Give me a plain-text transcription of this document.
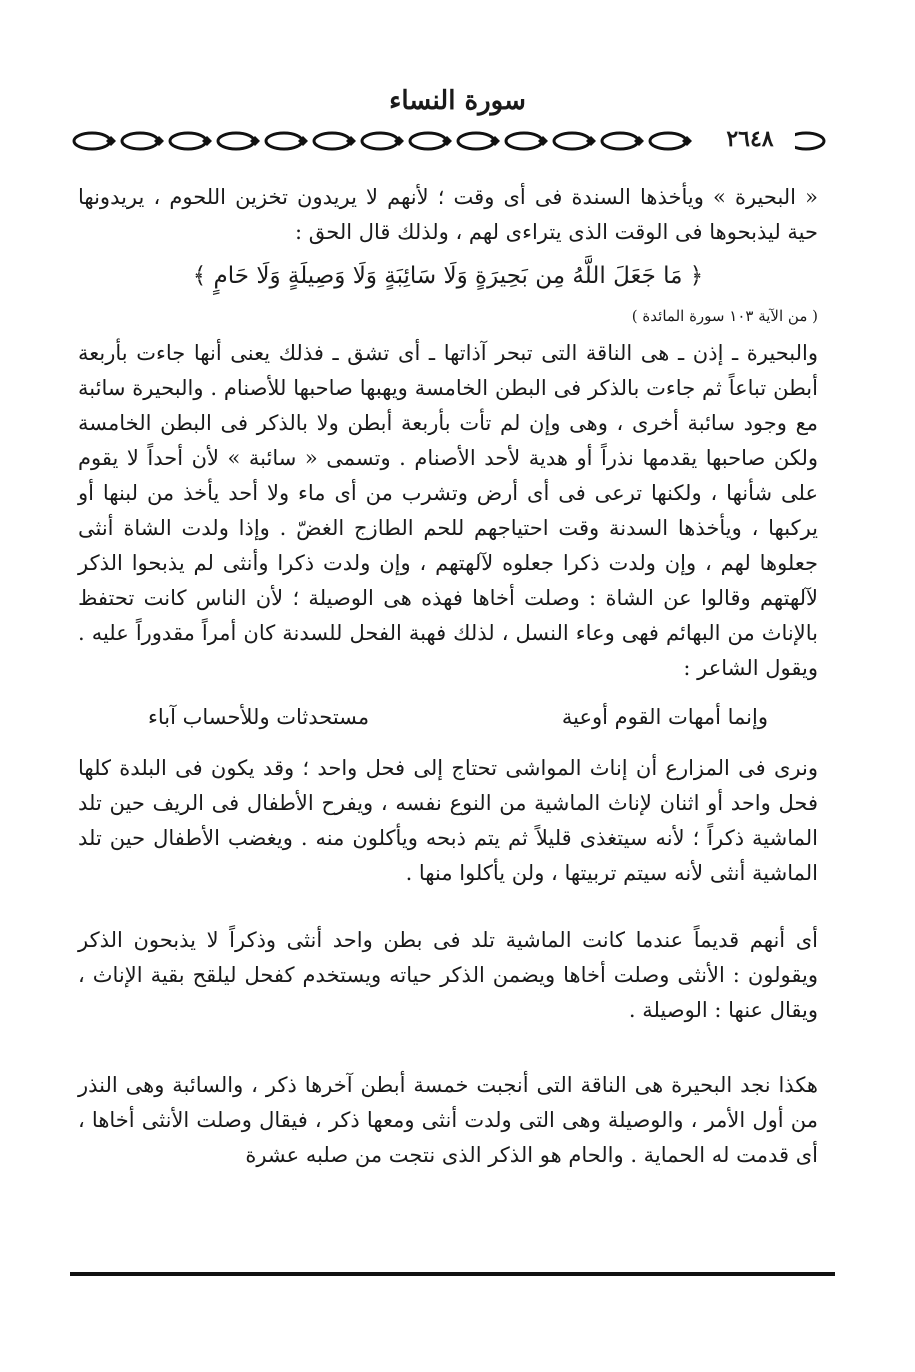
سورة النساء
٢٦٤٨

« البحيرة » ويأخذها السندة فى أى وقت ؛ لأنهم لا يريدون تخزين اللحوم ، يريدونها حية ليذبحوها فى الوقت الذى يتراءى لهم ، ولذلك قال الحق :

﴿ مَا جَعَلَ اللَّهُ مِن بَحِيرَةٍ وَلَا سَائِبَةٍ وَلَا وَصِيلَةٍ وَلَا حَامٍ ﴾

( من الآية ١٠٣ سورة المائدة )

والبحيرة ـ إذن ـ هى الناقة التى تبحر آذاتها ـ أى تشق ـ فذلك يعنى أنها جاءت بأربعة أبطن تباعاً ثم جاءت بالذكر فى البطن الخامسة ويهبها صاحبها للأصنام . والبحيرة سائبة مع وجود سائبة أخرى ، وهى وإن لم تأت بأربعة أبطن ولا بالذكر فى البطن الخامسة ولكن صاحبها يقدمها نذراً أو هدية لأحد الأصنام . وتسمى « سائبة » لأن أحداً لا يقوم على شأنها ، ولكنها ترعى فى أى أرض وتشرب من أى ماء ولا أحد يأخذ من لبنها أو يركبها ، ويأخذها السدنة وقت احتياجهم للحم الطازج الغضّ . وإذا ولدت الشاة أنثى جعلوها لهم ، وإن ولدت ذكرا جعلوه لآلهتهم ، وإن ولدت ذكرا وأنثى لم يذبحوا الذكر لآلهتهم وقالوا عن الشاة : وصلت أخاها فهذه هى الوصيلة ؛ لأن الناس كانت تحتفظ بالإناث من البهائم فهى وعاء النسل ، لذلك فهبة الفحل للسدنة كان أمراً مقدوراً عليه . ويقول الشاعر :

وإنما أمهات القوم أوعية
مستحدثات وللأحساب آباء

ونرى فى المزارع أن إناث المواشى تحتاج إلى فحل واحد ؛ وقد يكون فى البلدة كلها فحل واحد أو اثنان لإناث الماشية من النوع نفسه ، ويفرح الأطفال فى الريف حين تلد الماشية ذكراً ؛ لأنه سيتغذى قليلاً ثم يتم ذبحه ويأكلون منه . ويغضب الأطفال حين تلد الماشية أنثى لأنه سيتم تربيتها ، ولن يأكلوا منها .

أى أنهم قديماً عندما كانت الماشية تلد فى بطن واحد أنثى وذكراً لا يذبحون الذكر ويقولون : الأنثى وصلت أخاها ويضمن الذكر حياته ويستخدم كفحل ليلقح بقية الإناث ، ويقال عنها : الوصيلة .

هكذا نجد البحيرة هى الناقة التى أنجبت خمسة أبطن آخرها ذكر ، والسائبة وهى النذر من أول الأمر ، والوصيلة وهى التى ولدت أنثى ومعها ذكر ، فيقال وصلت الأنثى أخاها ، أى قدمت له الحماية . والحام هو الذكر الذى نتجت من صلبه عشرة
